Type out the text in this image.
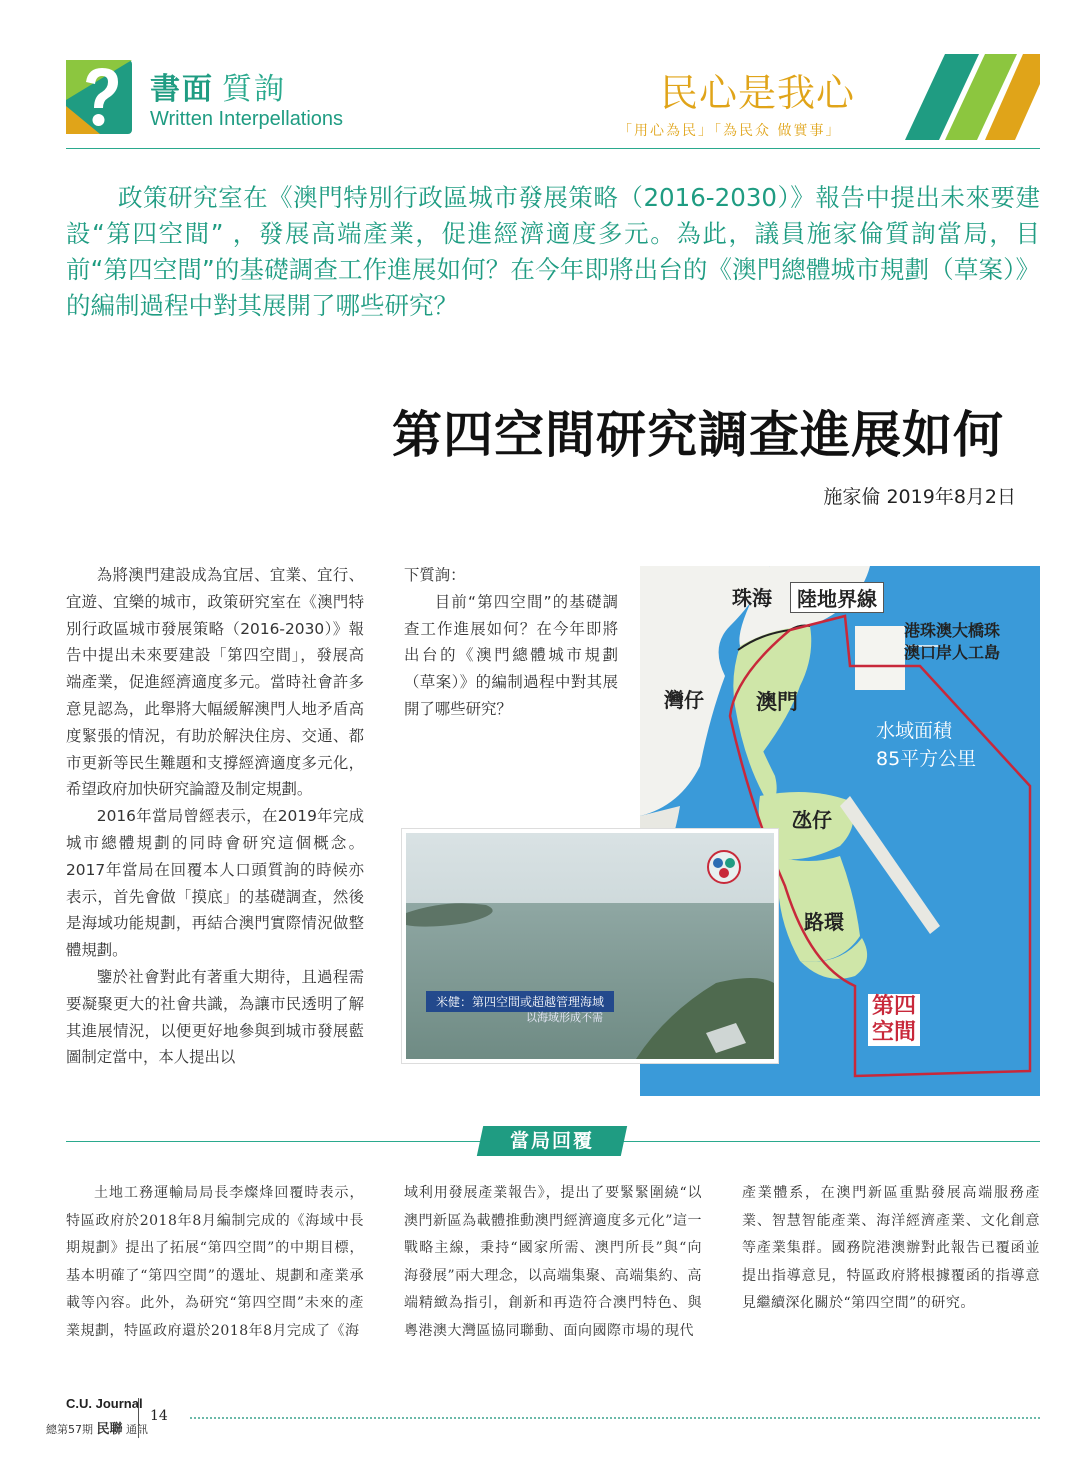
書面 質詢
Written Interpellations
民心是我心
「用心為民」「為民众 做實事」
政策研究室在《澳門特別行政區城市發展策略（2016-2030）》報告中提出未來要建設“第四空間” ，發展高端產業，促進經濟適度多元。為此，議員施家倫質詢當局，目前“第四空間”的基礎調查工作進展如何？在今年即將出台的《澳門總體城市規劃（草案）》的編制過程中對其展開了哪些研究？
第四空間研究調查進展如何
施家倫 2019年8月2日

為將澳門建設成為宜居、宜業、宜行、宜遊、宜樂的城市，政策研究室在《澳門特別行政區城市發展策略（2016-2030）》報告中提出未來要建設「第四空間」，發展高端產業，促進經濟適度多元。當時社會許多意見認為，此舉將大幅緩解澳門人地矛盾高度緊張的情況，有助於解決住房、交通、都市更新等民生難題和支撐經濟適度多元化，希望政府加快研究論證及制定規劃。

2016年當局曾經表示，在2019年完成城市總體規劃的同時會研究這個概念。2017年當局在回覆本人口頭質詢的時候亦表示，首先會做「摸底」的基礎調查，然後是海域功能規劃，再結合澳門實際情況做整體規劃。

鑒於社會對此有著重大期待，且過程需要凝聚更大的社會共識，為讓市民透明了解其進展情況，以便更好地參與到城市發展藍圖制定當中，本人提出以

下質詢：

目前“第四空間”的基礎調查工作進展如何？在今年即將出台的《澳門總體城市規劃（草案）》的編制過程中對其展開了哪些研究？

珠海	陸地界線
港珠澳大橋珠
澳口岸人工島
灣仔 澳門
水域面積
85平方公里
氹仔
路環
第四
空間
米健：第四空間或超越管理海域
以海域形成不需
當局回覆

土地工務運輸局局長李燦烽回覆時表示，特區政府於2018年8月編制完成的《海域中長期規劃》提出了拓展“第四空間”的中期目標，基本明確了“第四空間”的選址、規劃和產業承載等內容。此外，為研究“第四空間”未來的產業規劃，特區政府還於2018年8月完成了《海

域利用發展產業報告》，提出了要緊緊圍繞“以澳門新區為載體推動澳門經濟適度多元化”這一戰略主線，秉持“國家所需、澳門所長”與“向海發展”兩大理念，以高端集聚、高端集約、高端精緻為指引，創新和再造符合澳門特色、與粵港澳大灣區協同聯動、面向國際市場的現代

產業體系，在澳門新區重點發展高端服務產業、智慧智能產業、海洋經濟產業、文化創意等產業集群。國務院港澳辦對此報告已覆函並提出指導意見，特區政府將根據覆函的指導意見繼續深化關於“第四空間”的研究。

C.U. Journal
總第57期 民聯 通訊
14
